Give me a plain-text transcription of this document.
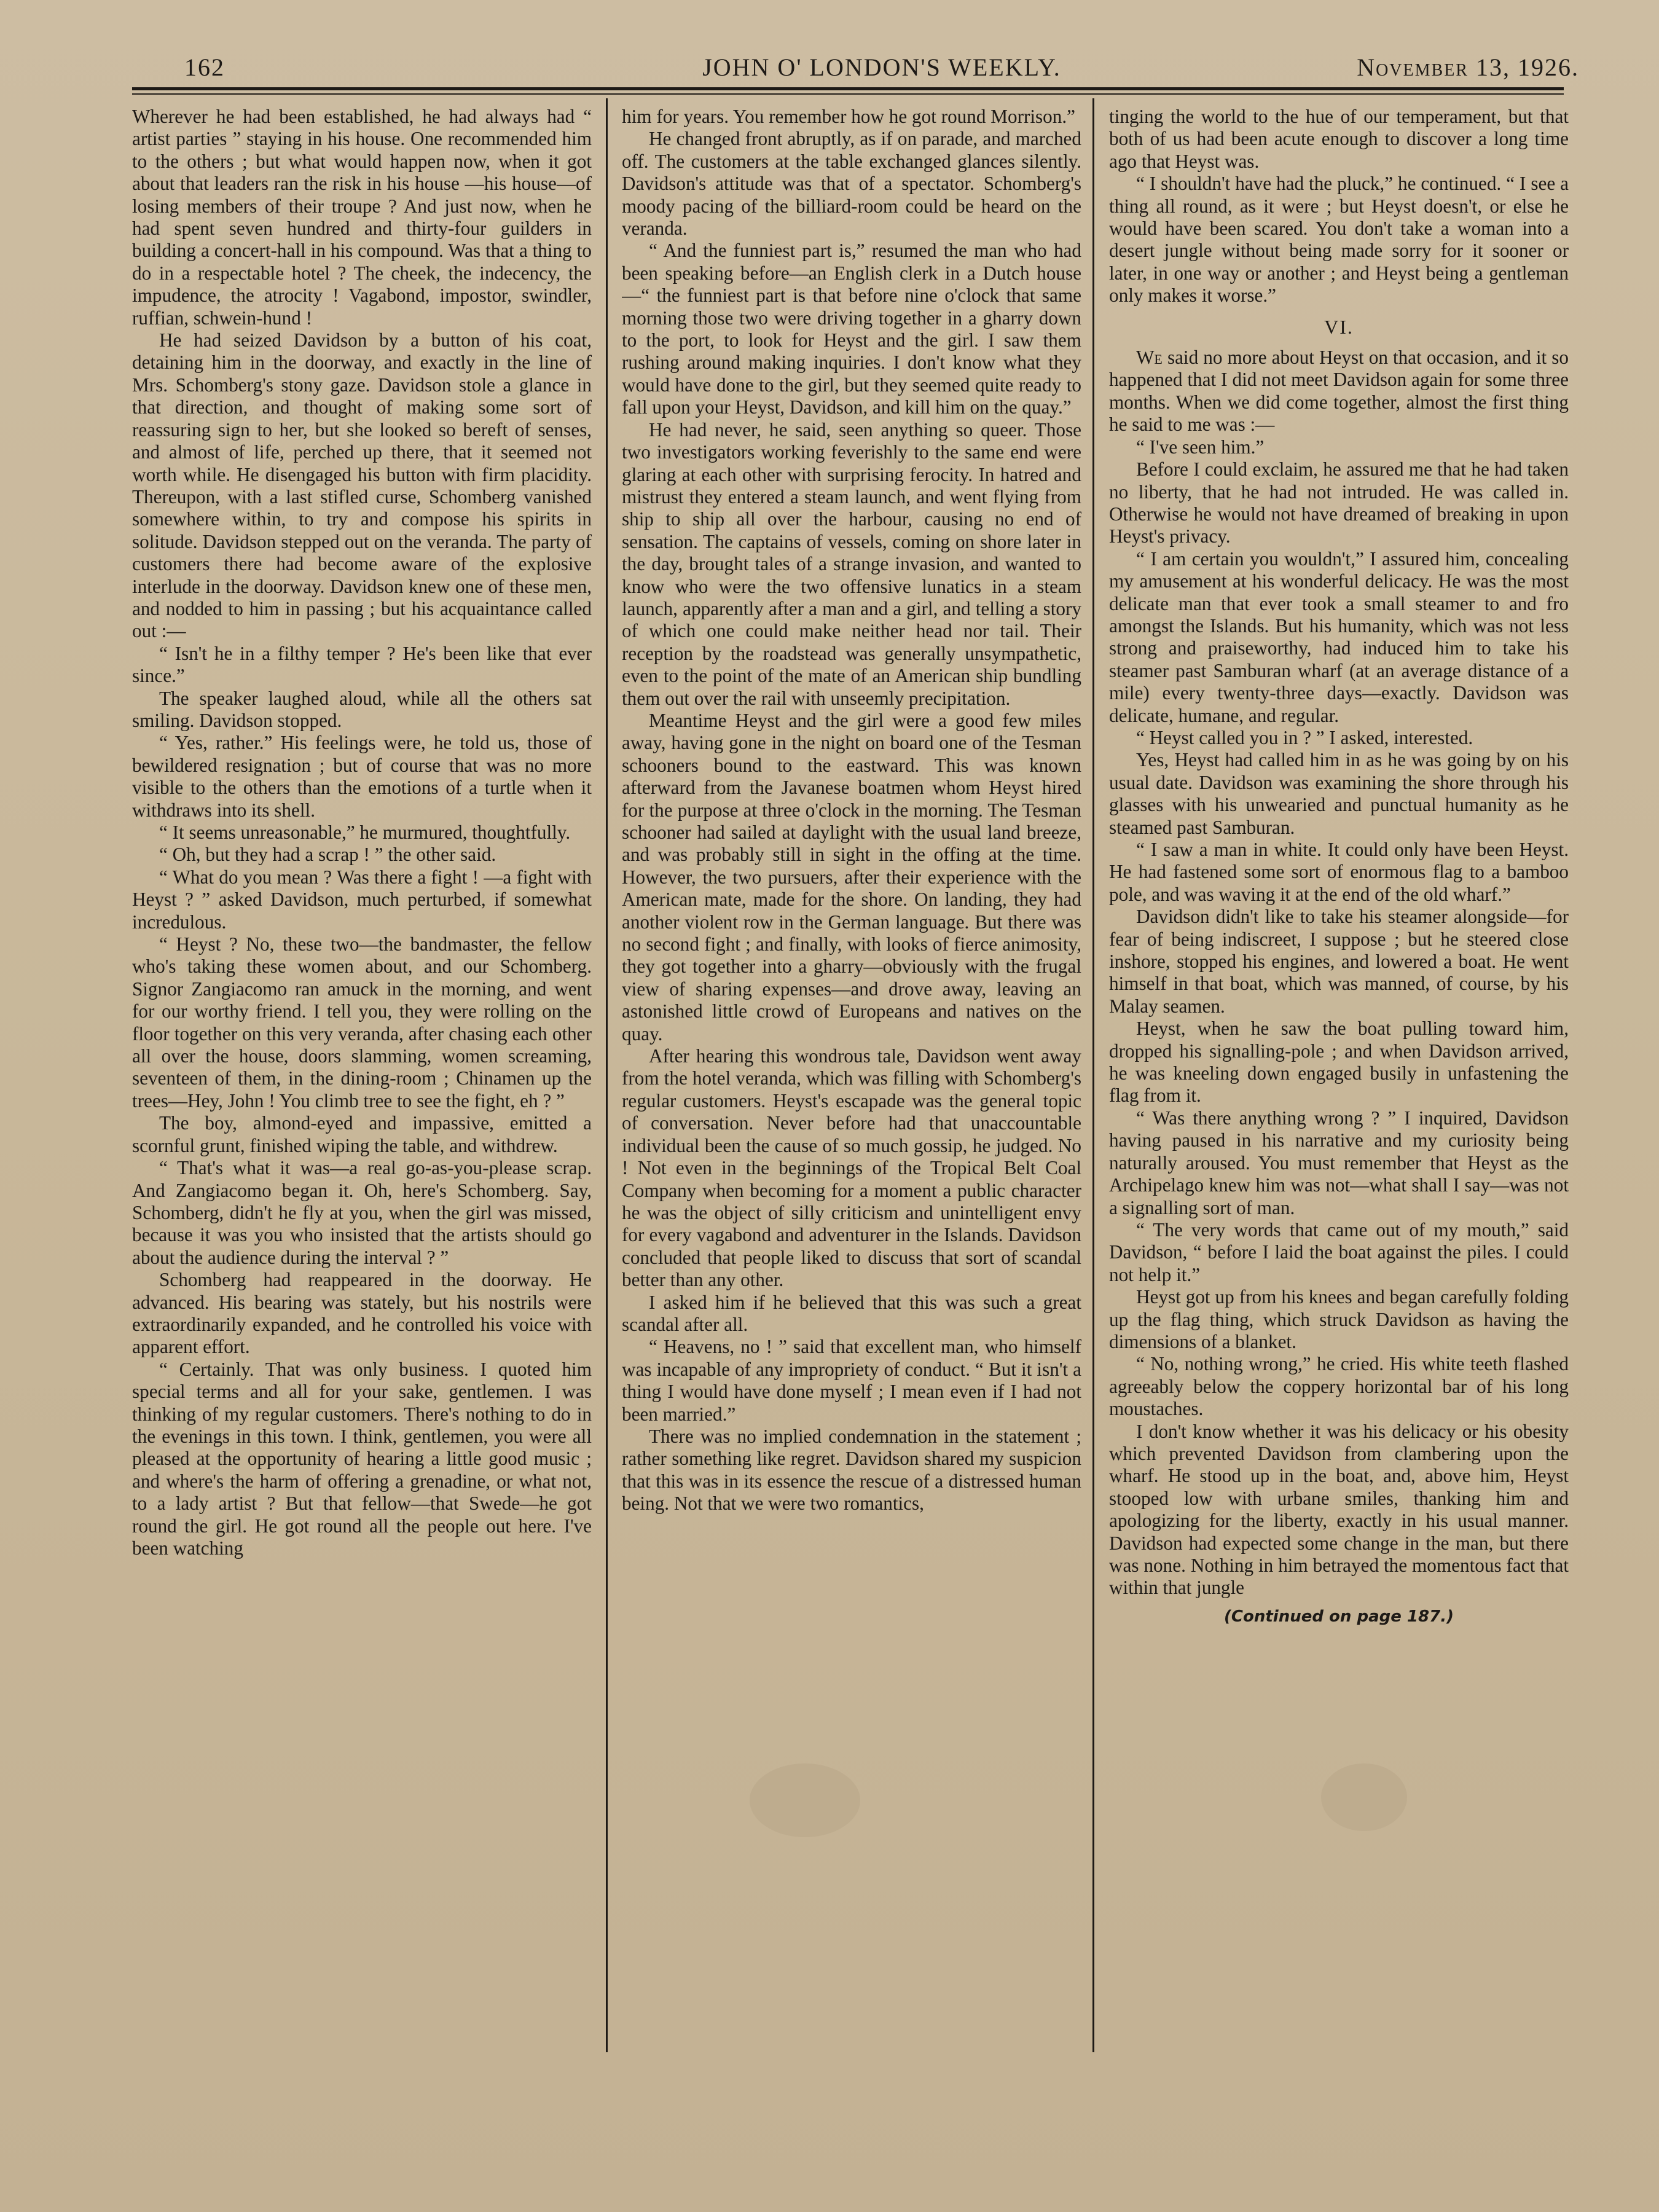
162	JOHN O' LONDON'S WEEKLY.	November 13, 1926.

Wherever he had been established, he had always had “ artist parties ” staying in his house. One recommended him to the others ; but what would happen now, when it got about that leaders ran the risk in his house —his house—of losing members of their troupe ? And just now, when he had spent seven hundred and thirty-four guilders in building a concert-hall in his compound. Was that a thing to do in a respectable hotel ? The cheek, the indecency, the impudence, the atrocity ! Vagabond, impostor, swindler, ruffian, schwein-hund !

He had seized Davidson by a button of his coat, detaining him in the doorway, and exactly in the line of Mrs. Schomberg's stony gaze. Davidson stole a glance in that direction, and thought of making some sort of reassuring sign to her, but she looked so bereft of senses, and almost of life, perched up there, that it seemed not worth while. He disengaged his button with firm placidity. Thereupon, with a last stifled curse, Schomberg vanished somewhere within, to try and compose his spirits in solitude. Davidson stepped out on the veranda. The party of customers there had become aware of the explosive interlude in the doorway. Davidson knew one of these men, and nodded to him in passing ; but his acquaintance called out :—

“ Isn't he in a filthy temper ? He's been like that ever since.”

The speaker laughed aloud, while all the others sat smiling. Davidson stopped.

“ Yes, rather.” His feelings were, he told us, those of bewildered resignation ; but of course that was no more visible to the others than the emotions of a turtle when it withdraws into its shell.

“ It seems unreasonable,” he murmured, thoughtfully.

“ Oh, but they had a scrap ! ” the other said.

“ What do you mean ? Was there a fight ! —a fight with Heyst ? ” asked Davidson, much perturbed, if somewhat incredulous.

“ Heyst ? No, these two—the bandmaster, the fellow who's taking these women about, and our Schomberg. Signor Zangiacomo ran amuck in the morning, and went for our worthy friend. I tell you, they were rolling on the floor together on this very veranda, after chasing each other all over the house, doors slamming, women screaming, seventeen of them, in the dining-room ; Chinamen up the trees—Hey, John ! You climb tree to see the fight, eh ? ”

The boy, almond-eyed and impassive, emitted a scornful grunt, finished wiping the table, and withdrew.

“ That's what it was—a real go-as-you-please scrap. And Zangiacomo began it. Oh, here's Schomberg. Say, Schomberg, didn't he fly at you, when the girl was missed, because it was you who insisted that the artists should go about the audience during the interval ? ”

Schomberg had reappeared in the doorway. He advanced. His bearing was stately, but his nostrils were extraordinarily expanded, and he controlled his voice with apparent effort.

“ Certainly. That was only business. I quoted him special terms and all for your sake, gentlemen. I was thinking of my regular customers. There's nothing to do in the evenings in this town. I think, gentlemen, you were all pleased at the opportunity of hearing a little good music ; and where's the harm of offering a grenadine, or what not, to a lady artist ? But that fellow—that Swede—he got round the girl. He got round all the people out here. I've been watching

him for years. You remember how he got round Morrison.”

He changed front abruptly, as if on parade, and marched off. The customers at the table exchanged glances silently. Davidson's attitude was that of a spectator. Schomberg's moody pacing of the billiard-room could be heard on the veranda.

“ And the funniest part is,” resumed the man who had been speaking before—an English clerk in a Dutch house—“ the funniest part is that before nine o'clock that same morning those two were driving together in a gharry down to the port, to look for Heyst and the girl. I saw them rushing around making inquiries. I don't know what they would have done to the girl, but they seemed quite ready to fall upon your Heyst, Davidson, and kill him on the quay.”

He had never, he said, seen anything so queer. Those two investigators working feverishly to the same end were glaring at each other with surprising ferocity. In hatred and mistrust they entered a steam launch, and went flying from ship to ship all over the harbour, causing no end of sensation. The captains of vessels, coming on shore later in the day, brought tales of a strange invasion, and wanted to know who were the two offensive lunatics in a steam launch, apparently after a man and a girl, and telling a story of which one could make neither head nor tail. Their reception by the roadstead was generally unsympathetic, even to the point of the mate of an American ship bundling them out over the rail with unseemly precipitation.

Meantime Heyst and the girl were a good few miles away, having gone in the night on board one of the Tesman schooners bound to the eastward. This was known afterward from the Javanese boatmen whom Heyst hired for the purpose at three o'clock in the morning. The Tesman schooner had sailed at daylight with the usual land breeze, and was probably still in sight in the offing at the time. However, the two pursuers, after their experience with the American mate, made for the shore. On landing, they had another violent row in the German language. But there was no second fight ; and finally, with looks of fierce animosity, they got together into a gharry—obviously with the frugal view of sharing expenses—and drove away, leaving an astonished little crowd of Europeans and natives on the quay.

After hearing this wondrous tale, Davidson went away from the hotel veranda, which was filling with Schomberg's regular customers. Heyst's escapade was the general topic of conversation. Never before had that unaccountable individual been the cause of so much gossip, he judged. No ! Not even in the beginnings of the Tropical Belt Coal Company when becoming for a moment a public character he was the object of silly criticism and unintelligent envy for every vagabond and adventurer in the Islands. Davidson concluded that people liked to discuss that sort of scandal better than any other.

I asked him if he believed that this was such a great scandal after all.

“ Heavens, no ! ” said that excellent man, who himself was incapable of any impropriety of conduct. “ But it isn't a thing I would have done myself ; I mean even if I had not been married.”

There was no implied condemnation in the statement ; rather something like regret. Davidson shared my suspicion that this was in its essence the rescue of a distressed human being. Not that we were two romantics,

tinging the world to the hue of our temperament, but that both of us had been acute enough to discover a long time ago that Heyst was.

“ I shouldn't have had the pluck,” he continued. “ I see a thing all round, as it were ; but Heyst doesn't, or else he would have been scared. You don't take a woman into a desert jungle without being made sorry for it sooner or later, in one way or another ; and Heyst being a gentleman only makes it worse.”

VI.

We said no more about Heyst on that occasion, and it so happened that I did not meet Davidson again for some three months. When we did come together, almost the first thing he said to me was :—

“ I've seen him.”

Before I could exclaim, he assured me that he had taken no liberty, that he had not intruded. He was called in. Otherwise he would not have dreamed of breaking in upon Heyst's privacy.

“ I am certain you wouldn't,” I assured him, concealing my amusement at his wonderful delicacy. He was the most delicate man that ever took a small steamer to and fro amongst the Islands. But his humanity, which was not less strong and praiseworthy, had induced him to take his steamer past Samburan wharf (at an average distance of a mile) every twenty-three days—exactly. Davidson was delicate, humane, and regular.

“ Heyst called you in ? ” I asked, interested.

Yes, Heyst had called him in as he was going by on his usual date. Davidson was examining the shore through his glasses with his unwearied and punctual humanity as he steamed past Samburan.

“ I saw a man in white. It could only have been Heyst. He had fastened some sort of enormous flag to a bamboo pole, and was waving it at the end of the old wharf.”

Davidson didn't like to take his steamer alongside—for fear of being indiscreet, I suppose ; but he steered close inshore, stopped his engines, and lowered a boat. He went himself in that boat, which was manned, of course, by his Malay seamen.

Heyst, when he saw the boat pulling toward him, dropped his signalling-pole ; and when Davidson arrived, he was kneeling down engaged busily in unfastening the flag from it.

“ Was there anything wrong ? ” I inquired, Davidson having paused in his narrative and my curiosity being naturally aroused. You must remember that Heyst as the Archipelago knew him was not—what shall I say—was not a signalling sort of man.

“ The very words that came out of my mouth,” said Davidson, “ before I laid the boat against the piles. I could not help it.”

Heyst got up from his knees and began carefully folding up the flag thing, which struck Davidson as having the dimensions of a blanket.

“ No, nothing wrong,” he cried. His white teeth flashed agreeably below the coppery horizontal bar of his long moustaches.

I don't know whether it was his delicacy or his obesity which prevented Davidson from clambering upon the wharf. He stood up in the boat, and, above him, Heyst stooped low with urbane smiles, thanking him and apologizing for the liberty, exactly in his usual manner. Davidson had expected some change in the man, but there was none. Nothing in him betrayed the momentous fact that within that jungle

(Continued on page 187.)
